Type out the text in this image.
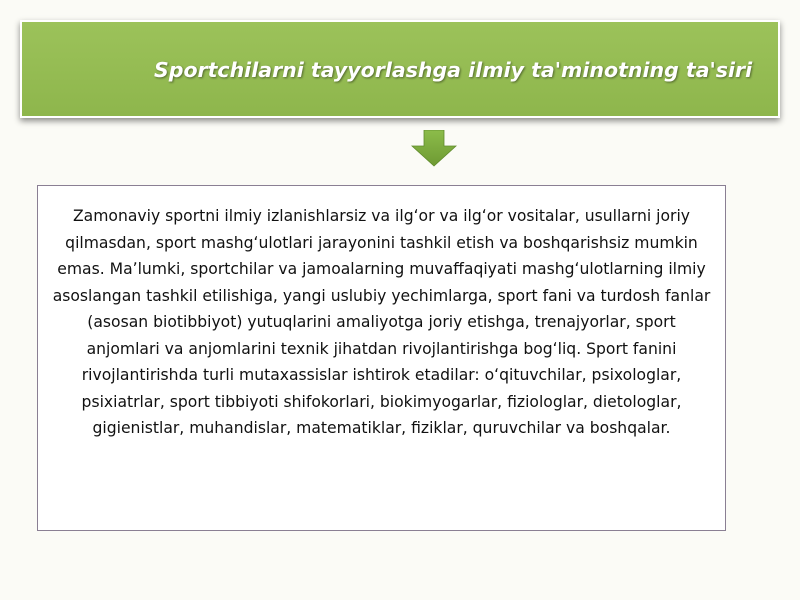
Sportchilarni tayyorlashga ilmiy ta'minotning ta'siri

Zamonaviy sportni ilmiy izlanishlarsiz va ilgʻor va ilgʻor vositalar, usullarni joriy qilmasdan, sport mashgʻulotlari jarayonini tashkil etish va boshqarishsiz mumkin emas. Maʼlumki, sportchilar va jamoalarning muvaffaqiyati mashgʻulotlarning ilmiy asoslangan tashkil etilishiga, yangi uslubiy yechimlarga, sport fani va turdosh fanlar (asosan biotibbiyot) yutuqlarini amaliyotga joriy etishga, trenajyorlar, sport anjomlari va anjomlarini texnik jihatdan rivojlantirishga bogʻliq. Sport fanini rivojlantirishda turli mutaxassislar ishtirok etadilar: oʻqituvchilar, psixologlar, psixiatrlar, sport tibbiyoti shifokorlari, biokimyogarlar, fiziologlar, dietologlar, gigienistlar, muhandislar, matematiklar, fiziklar, quruvchilar va boshqalar.
